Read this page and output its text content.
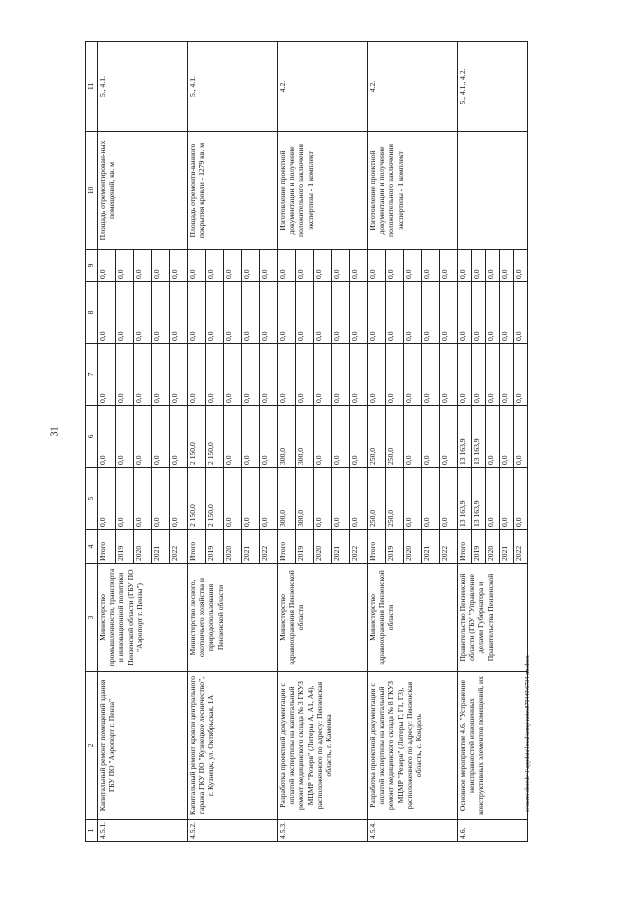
31
1	2	3	4	5	6	7	8	9	10	11
4.5.1.	Капитальный ремонт помещений здания ГБУ ПО "Аэропорт г. Пенза"	Министерство промышленности, транспорта и инновационной политики Пензенской области (ГБУ ПО "Аэропорт г. Пензы")	Итого	0,0	0,0	0,0	0,0	0,0	Площадь отремонтирован-ных помещений, кв. м	5., 4.1.
			2019	0,0	0,0	0,0	0,0	0,0		
			2020	0,0	0,0	0,0	0,0	0,0		
			2021	0,0	0,0	0,0	0,0	0,0		
			2022	0,0	0,0	0,0	0,0	0,0		
4.5.2.	Капитальный ремонт кровли центрального гаража ГКУ ПО "Кузнецкое лесничество", г. Кузнецк, ул. Октябрьская, 1А	Министерство лесного, охотничьего хозяйства и природопользования Пензенской области	Итого	2 150,0	2 150,0	0,0	0,0	0,0	Площадь отремонти-ванного покрытия кровли - 1279 кв. м	5., 4.1.
			2019	2 150,0	2 150,0	0,0	0,0	0,0		
			2020	0,0	0,0	0,0	0,0	0,0		
			2021	0,0	0,0	0,0	0,0	0,0		
			2022	0,0	0,0	0,0	0,0	0,0		
4.5.3.	Разработка проектной документации с оплатой экспертизы на капитальный ремонт медицинского склада № 3 ГКУЗ МЦМР "Резерв" (Литеры А, А1, А4), расположенного по адресу: Пензенская область, г. Каменка	Министерство здравоохранения Пензенской области	Итого	300,0	300,0	0,0	0,0	0,0	Изготовление проектной документации и получение положительного заключения экспертизы - 1 комплект	4.2.
			2019	300,0	300,0	0,0	0,0	0,0		
			2020	0,0	0,0	0,0	0,0	0,0		
			2021	0,0	0,0	0,0	0,0	0,0		
			2022	0,0	0,0	0,0	0,0	0,0		
4.5.4.	Разработка проектной документации с оплатой экспертизы на капитальный ремонт медицинского склада № 8 ГКУЗ МЦМР "Резерв" (Литеры Г, Г1, Г3), расположенного по адресу: Пензенская область, с. Кондоль	Министерство здравоохранения Пензенской области	Итого	250,0	250,0	0,0	0,0	0,0	Изготовление проектной документации и получение положительного заключения экспертизы - 1 комплект	4.2.
			2019	250,0	250,0	0,0	0,0	0,0		
			2020	0,0	0,0	0,0	0,0	0,0		
			2021	0,0	0,0	0,0	0,0	0,0		
			2022	0,0	0,0	0,0	0,0	0,0		
4.6.	Основное мероприятие 4.6. "Устранение неисправностей изношенных конструктивных элементов помещений, их	Правительство Пензенской области (ГБУ "Управление делами Губернатора и Правительства Пензенской	Итого	13 163,9	13 163,9	0,0	0,0	0,0		5., 4.1., 4.2.
			2019	13 163,9	13 163,9	0,0	0,0	0,0		
			2020	0,0	0,0	0,0	0,0	0,0		
			2021	0,0	0,0	0,0	0,0	0,0		
			2022	0,0	0,0	0,0	0,0	0,0		
c:\users\sborsh~1\appdata\local\temp\notes879440\6734-пп.docx
